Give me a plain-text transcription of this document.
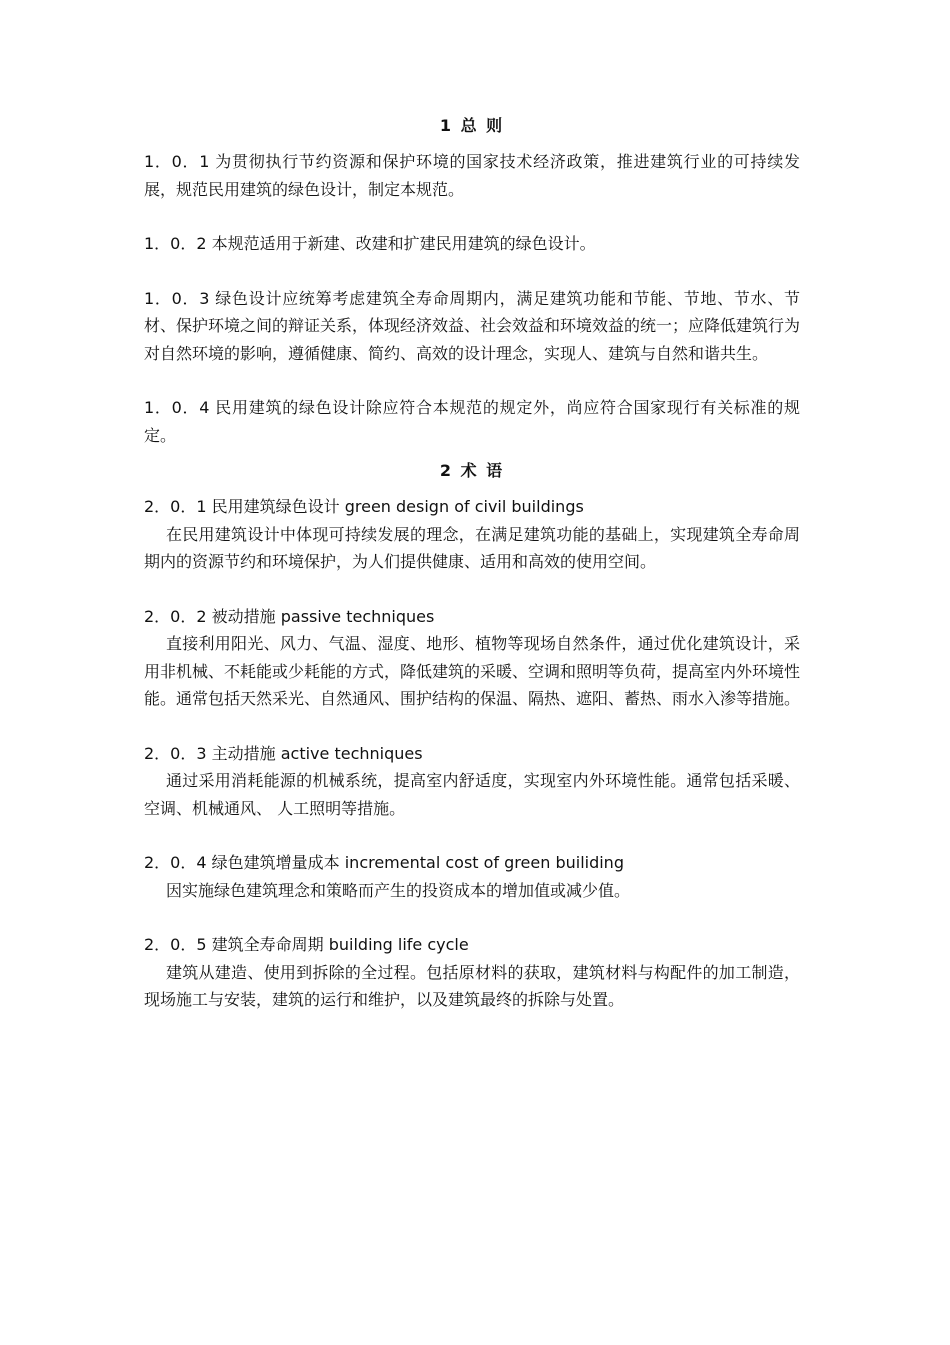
1 总 则

1．0．1 为贯彻执行节约资源和保护环境的国家技术经济政策，推进建筑行业的可持续发展，规范民用建筑的绿色设计，制定本规范。

1．0．2 本规范适用于新建、改建和扩建民用建筑的绿色设计。

1．0．3 绿色设计应统筹考虑建筑全寿命周期内，满足建筑功能和节能、节地、节水、节材、保护环境之间的辩证关系，体现经济效益、社会效益和环境效益的统一；应降低建筑行为对自然环境的影响，遵循健康、简约、高效的设计理念，实现人、建筑与自然和谐共生。

1．0．4 民用建筑的绿色设计除应符合本规范的规定外，尚应符合国家现行有关标准的规定。

2 术 语

2．0．1 民用建筑绿色设计 green design of civil buildings

在民用建筑设计中体现可持续发展的理念，在满足建筑功能的基础上，实现建筑全寿命周期内的资源节约和环境保护，为人们提供健康、适用和高效的使用空间。

2．0．2 被动措施 passive techniques

直接利用阳光、风力、气温、湿度、地形、植物等现场自然条件，通过优化建筑设计，采用非机械、不耗能或少耗能的方式，降低建筑的采暖、空调和照明等负荷，提高室内外环境性能。通常包括天然采光、自然通风、围护结构的保温、隔热、遮阳、蓄热、雨水入渗等措施。

2．0．3 主动措施 active techniques

通过采用消耗能源的机械系统，提高室内舒适度，实现室内外环境性能。通常包括采暖、空调、机械通风、 人工照明等措施。

2．0．4 绿色建筑增量成本 incremental cost of green builiding

因实施绿色建筑理念和策略而产生的投资成本的增加值或减少值。

2．0．5 建筑全寿命周期 building life cycle

建筑从建造、使用到拆除的全过程。包括原材料的获取，建筑材料与构配件的加工制造，现场施工与安装，建筑的运行和维护，以及建筑最终的拆除与处置。
